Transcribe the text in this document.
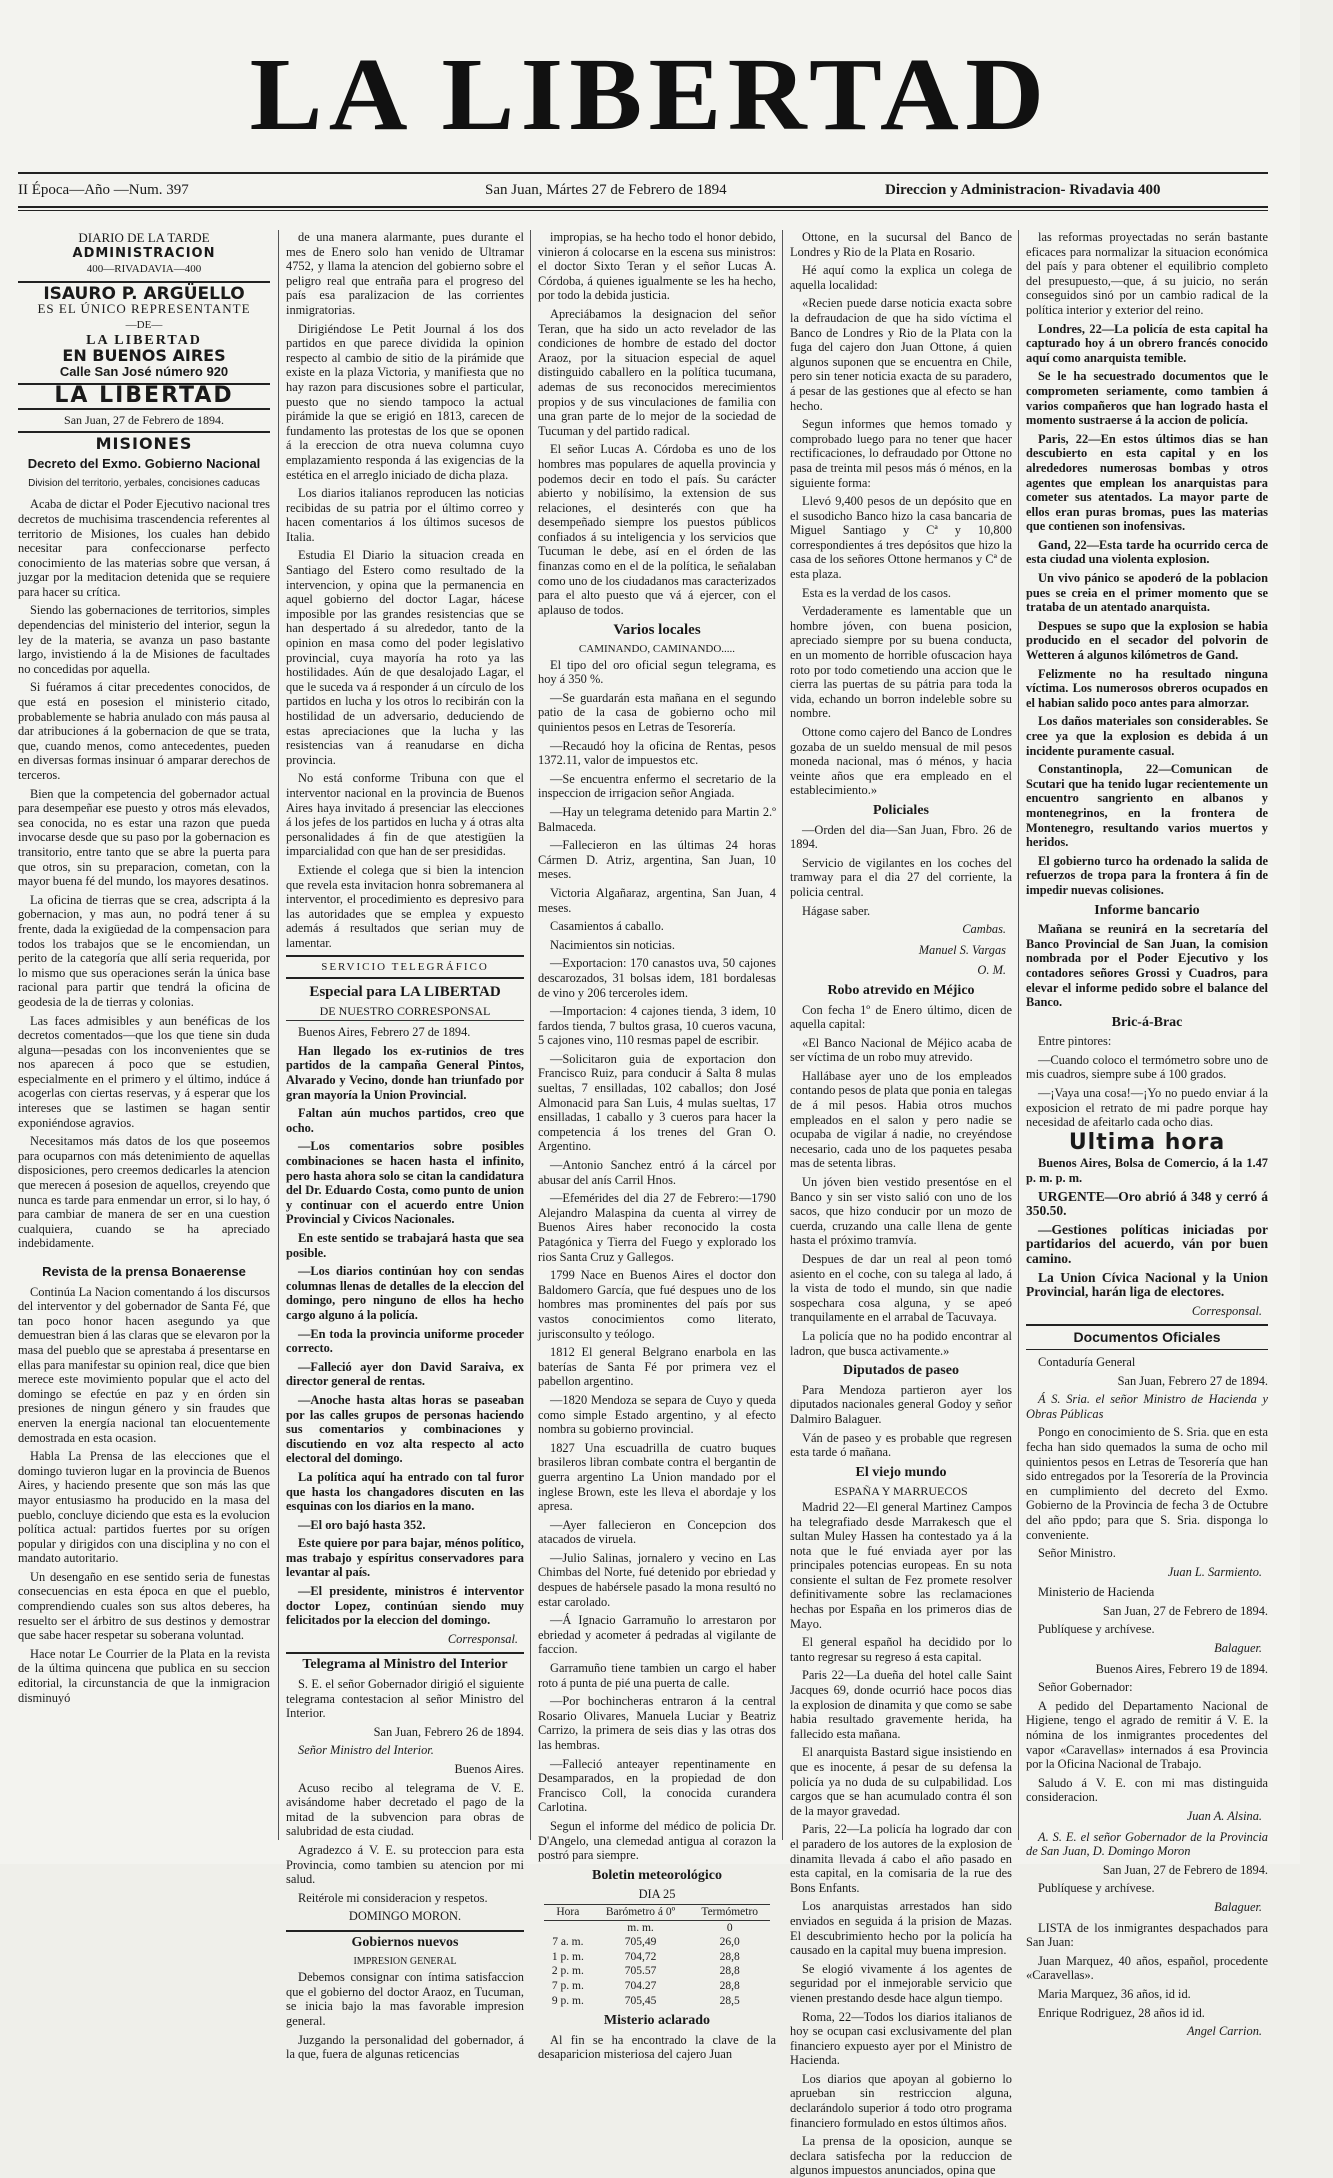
LA LIBERTAD
II Época—Año —Num. 397	San Juan, Mártes 27 de Febrero de 1894	Direccion y Administracion- Rivadavia 400
DIARIO DE LA TARDE
ADMINISTRACION
400—RIVADAVIA—400
ISAURO P. ARGÜELLO
ES EL ÚNICO REPRESENTANTE
—DE—
LA LIBERTAD
EN BUENOS AIRES
Calle San José número 920
LA LIBERTAD
San Juan, 27 de Febrero de 1894.
MISIONES
Decreto del Exmo. Gobierno Nacional
Division del territorio, yerbales, concisiones caducas

Acaba de dictar el Poder Ejecutivo nacional tres decretos de muchisima trascendencia referentes al territorio de Misiones, los cuales han debido necesitar para confeccionarse perfecto conocimiento de las materias sobre que versan, á juzgar por la meditacion detenida que se requiere para hacer su crítica.

Siendo las gobernaciones de territorios, simples dependencias del ministerio del interior, segun la ley de la materia, se avanza un paso bastante largo, invistiendo á la de Misiones de facultades no concedidas por aquella.

Si fuéramos á citar precedentes conocidos, de que está en posesion el ministerio citado, probablemente se habria anulado con más pausa al dar atribuciones á la gobernacion de que se trata, que, cuando menos, como antecedentes, pueden en diversas formas insinuar ó amparar derechos de terceros.

Bien que la competencia del gobernador actual para desempeñar ese puesto y otros más elevados, sea conocida, no es estar una razon que pueda invocarse desde que su paso por la gobernacion es transitorio, entre tanto que se abre la puerta para que otros, sin su preparacion, cometan, con la mayor buena fé del mundo, los mayores desatinos.

La oficina de tierras que se crea, adscripta á la gobernacion, y mas aun, no podrá tener á su frente, dada la exigüedad de la compensacion para todos los trabajos que se le encomiendan, un perito de la categoría que allí seria requerida, por lo mismo que sus operaciones serán la única base racional para partir que tendrá la oficina de geodesia de la de tierras y colonias.

Las faces admisibles y aun benéficas de los decretos comentados—que los que tiene sin duda alguna—pesadas con los inconvenientes que se nos aparecen á poco que se estudien, especialmente en el primero y el último, indúce á acogerlas con ciertas reservas, y á esperar que los intereses que se lastimen se hagan sentir exponiéndose agravios.

Necesitamos más datos de los que poseemos para ocuparnos con más detenimiento de aquellas disposiciones, pero creemos dedicarles la atencion que merecen á posesion de aquellos, creyendo que nunca es tarde para enmendar un error, si lo hay, ó para cambiar de manera de ser en una cuestion cualquiera, cuando se ha apreciado indebidamente.

Revista de la prensa Bonaerense

Continúa La Nacion comentando á los discursos del interventor y del gobernador de Santa Fé, que tan poco honor hacen asegundo ya que demuestran bien á las claras que se elevaron por la masa del pueblo que se aprestaba á presentarse en ellas para manifestar su opinion real, dice que bien merece este movimiento popular que el acto del domingo se efectúe en paz y en órden sin presiones de ningun género y sin fraudes que enerven la energía nacional tan elocuentemente demostrada en esta ocasion.

Habla La Prensa de las elecciones que el domingo tuvieron lugar en la provincia de Buenos Aires, y haciendo presente que son más las que mayor entusiasmo ha producido en la masa del pueblo, concluye diciendo que esta es la evolucion política actual: partidos fuertes por su orígen popular y dirigidos con una disciplina y no con el mandato autoritario.

Un desengaño en ese sentido seria de funestas consecuencias en esta época en que el pueblo, comprendiendo cuales son sus altos deberes, ha resuelto ser el árbitro de sus destinos y demostrar que sabe hacer respetar su soberana voluntad.

Hace notar Le Courrier de la Plata en la revista de la última quincena que publica en su seccion editorial, la circunstancia de que la inmigracion disminuyó

de una manera alarmante, pues durante el mes de Enero solo han venido de Ultramar 4752, y llama la atencion del gobierno sobre el peligro real que entraña para el progreso del país esa paralizacion de las corrientes inmigratorias.

Dirigiéndose Le Petit Journal á los dos partidos en que parece dividida la opinion respecto al cambio de sitio de la pirámide que existe en la plaza Victoria, y manifiesta que no hay razon para discusiones sobre el particular, puesto que no siendo tampoco la actual pirámide la que se erigió en 1813, carecen de fundamento las protestas de los que se oponen á la ereccion de otra nueva columna cuyo emplazamiento responda á las exigencias de la estética en el arreglo iniciado de dicha plaza.

Los diarios italianos reproducen las noticias recibidas de su patria por el último correo y hacen comentarios á los últimos sucesos de Italia.

Estudia El Diario la situacion creada en Santiago del Estero como resultado de la intervencion, y opina que la permanencia en aquel gobierno del doctor Lagar, hácese imposible por las grandes resistencias que se han despertado á su alrededor, tanto de la opinion en masa como del poder legislativo provincial, cuya mayoría ha roto ya las hostilidades. Aún de que desalojado Lagar, el que le suceda va á responder á un círculo de los partidos en lucha y los otros lo recibirán con la hostilidad de un adversario, deduciendo de estas apreciaciones que la lucha y las resistencias van á reanudarse en dicha provincia.

No está conforme Tribuna con que el interventor nacional en la provincia de Buenos Aires haya invitado á presenciar las elecciones á los jefes de los partidos en lucha y á otras alta personalidades á fin de que atestigüen la imparcialidad con que han de ser presididas.

Extiende el colega que si bien la intencion que revela esta invitacion honra sobremanera al interventor, el procedimiento es depresivo para las autoridades que se emplea y expuesto además á resultados que serian muy de lamentar.

SERVICIO TELEGRÁFICO
Especial para LA LIBERTAD
DE NUESTRO CORRESPONSAL

Buenos Aires, Febrero 27 de 1894.

Han llegado los ex-rutinios de tres partidos de la campaña General Pintos, Alvarado y Vecino, donde han triunfado por gran mayoría la Union Provincial.

Faltan aún muchos partidos, creo que ocho.

—Los comentarios sobre posibles combinaciones se hacen hasta el infinito, pero hasta ahora solo se citan la candidatura del Dr. Eduardo Costa, como punto de union y continuar con el acuerdo entre Union Provincial y Civicos Nacionales.

En este sentido se trabajará hasta que sea posible.

—Los diarios continúan hoy con sendas columnas llenas de detalles de la eleccion del domingo, pero ninguno de ellos ha hecho cargo alguno á la policía.

—En toda la provincia uniforme proceder correcto.

—Falleció ayer don David Saraiva, ex director general de rentas.

—Anoche hasta altas horas se paseaban por las calles grupos de personas haciendo sus comentarios y combinaciones y discutiendo en voz alta respecto al acto electoral del domingo.

La política aquí ha entrado con tal furor que hasta los changadores discuten en las esquinas con los diarios en la mano.

—El oro bajó hasta 352.

Este quiere por para bajar, ménos político, mas trabajo y espíritus conservadores para levantar al país.

—El presidente, ministros é interventor doctor Lopez, continúan siendo muy felicitados por la eleccion del domingo.

Corresponsal.
Telegrama al Ministro del Interior

S. E. el señor Gobernador dirigió el siguiente telegrama contestacion al señor Ministro del Interior.

San Juan, Febrero 26 de 1894.

Señor Ministro del Interior.

Buenos Aires.

Acuso recibo al telegrama de V. E. avisándome haber decretado el pago de la mitad de la subvencion para obras de salubridad de esta ciudad.

Agradezco á V. E. su proteccion para esta Provincia, como tambien su atencion por mi salud.

Reitérole mi consideracion y respetos.

DOMINGO MORON.
Gobiernos nuevos
IMPRESION GENERAL

Debemos consignar con íntima satisfaccion que el gobierno del doctor Araoz, en Tucuman, se inicia bajo la mas favorable impresion general.

Juzgando la personalidad del gobernador, á la que, fuera de algunas reticencias

impropias, se ha hecho todo el honor debido, vinieron á colocarse en la escena sus ministros: el doctor Sixto Teran y el señor Lucas A. Córdoba, á quienes igualmente se les ha hecho, por todo la debida justicia.

Apreciábamos la designacion del señor Teran, que ha sido un acto revelador de las condiciones de hombre de estado del doctor Araoz, por la situacion especial de aquel distinguido caballero en la política tucumana, ademas de sus reconocidos merecimientos propios y de sus vinculaciones de familia con una gran parte de lo mejor de la sociedad de Tucuman y del partido radical.

El señor Lucas A. Córdoba es uno de los hombres mas populares de aquella provincia y podemos decir en todo el país. Su carácter abierto y nobilísimo, la extension de sus relaciones, el desinterés con que ha desempeñado siempre los puestos públicos confiados á su inteligencia y los servicios que Tucuman le debe, así en el órden de las finanzas como en el de la política, le señalaban como uno de los ciudadanos mas caracterizados para el alto puesto que vá á ejercer, con el aplauso de todos.

Varios locales
CAMINANDO, CAMINANDO.....

El tipo del oro oficial segun telegrama, es hoy á 350 %.

—Se guardarán esta mañana en el segundo patio de la casa de gobierno ocho mil quinientos pesos en Letras de Tesorería.

—Recaudó hoy la oficina de Rentas, pesos 1372.11, valor de impuestos etc.

—Se encuentra enfermo el secretario de la inspeccion de irrigacion señor Angiada.

—Hay un telegrama detenido para Martin 2.º Balmaceda.

—Fallecieron en las últimas 24 horas Cármen D. Atriz, argentina, San Juan, 10 meses.

Victoria Algañaraz, argentina, San Juan, 4 meses.

Casamientos á caballo.

Nacimientos sin noticias.

—Exportacion: 170 canastos uva, 50 cajones descarozados, 31 bolsas idem, 181 bordalesas de vino y 206 terceroles idem.

—Importacion: 4 cajones tienda, 3 idem, 10 fardos tienda, 7 bultos grasa, 10 cueros vacuna, 5 cajones vino, 110 resmas papel de escribir.

—Solicitaron guia de exportacion don Francisco Ruiz, para conducir á Salta 8 mulas sueltas, 7 ensilladas, 102 caballos; don José Almonacid para San Luis, 4 mulas sueltas, 17 ensilladas, 1 caballo y 3 cueros para hacer la competencia á los trenes del Gran O. Argentino.

—Antonio Sanchez entró á la cárcel por abusar del anís Carril Hnos.

—Efemérides del dia 27 de Febrero:—1790 Alejandro Malaspina da cuenta al virrey de Buenos Aires haber reconocido la costa Patagónica y Tierra del Fuego y explorado los rios Santa Cruz y Gallegos.

1799 Nace en Buenos Aires el doctor don Baldomero García, que fué despues uno de los hombres mas prominentes del país por sus vastos conocimientos como literato, jurisconsulto y teólogo.

1812 El general Belgrano enarbola en las baterías de Santa Fé por primera vez el pabellon argentino.

—1820 Mendoza se separa de Cuyo y queda como simple Estado argentino, y al efecto nombra su gobierno provincial.

1827 Una escuadrilla de cuatro buques brasileros libran combate contra el bergantin de guerra argentino La Union mandado por el inglese Brown, este les lleva el abordaje y los apresa.

—Ayer fallecieron en Concepcion dos atacados de viruela.

—Julio Salinas, jornalero y vecino en Las Chimbas del Norte, fué detenido por ebriedad y despues de habérsele pasado la mona resultó no estar carolado.

—Á Ignacio Garramuño lo arrestaron por ebriedad y acometer á pedradas al vigilante de faccion.

Garramuño tiene tambien un cargo el haber roto á punta de pié una puerta de calle.

—Por bochincheras entraron á la central Rosario Olivares, Manuela Luciar y Beatriz Carrizo, la primera de seis dias y las otras dos las hembras.

—Falleció anteayer repentinamente en Desamparados, en la propiedad de don Francisco Coll, la conocida curandera Carlotina.

Segun el informe del médico de policia Dr. D'Angelo, una clemedad antigua al corazon la postró para siempre.

Boletin meteorológico
DIA 25
Hora	Barómetro á 0º	Termómetro
	m. m.	0
7 a. m.	705,49	26,0
1 p. m.	704,72	28,8
2 p. m.	705.57	28,8
7 p. m.	704.27	28,8
9 p. m.	705,45	28,5
Misterio aclarado

Al fin se ha encontrado la clave de la desaparicion misteriosa del cajero Juan

Ottone, en la sucursal del Banco de Londres y Rio de la Plata en Rosario.

Hé aquí como la explica un colega de aquella localidad:

«Recien puede darse noticia exacta sobre la defraudacion de que ha sido víctima el Banco de Londres y Rio de la Plata con la fuga del cajero don Juan Ottone, á quien algunos suponen que se encuentra en Chile, pero sin tener noticia exacta de su paradero, á pesar de las gestiones que al efecto se han hecho.

Segun informes que hemos tomado y comprobado luego para no tener que hacer rectificaciones, lo defraudado por Ottone no pasa de treinta mil pesos más ó ménos, en la siguiente forma:

Llevó 9,400 pesos de un depósito que en el susodicho Banco hizo la casa bancaria de Miguel Santiago y Cª y 10,800 correspondientes á tres depósitos que hizo la casa de los señores Ottone hermanos y Cª de esta plaza.

Esta es la verdad de los casos.

Verdaderamente es lamentable que un hombre jóven, con buena posicion, apreciado siempre por su buena conducta, en un momento de horrible ofuscacion haya roto por todo cometiendo una accion que le cierra las puertas de su pátria para toda la vida, echando un borron indeleble sobre su nombre.

Ottone como cajero del Banco de Londres gozaba de un sueldo mensual de mil pesos moneda nacional, mas ó ménos, y hacia veinte años que era empleado en el establecimiento.»

Policiales

—Orden del dia—San Juan, Fbro. 26 de 1894.

Servicio de vigilantes en los coches del tramway para el dia 27 del corriente, la policia central.

Hágase saber.

Cambas.
Manuel S. Vargas
O. M.
Robo atrevido en Méjico

Con fecha 1º de Enero último, dicen de aquella capital:

«El Banco Nacional de Méjico acaba de ser víctima de un robo muy atrevido.

Hallábase ayer uno de los empleados contando pesos de plata que ponia en talegas de á mil pesos. Habia otros muchos empleados en el salon y pero nadie se ocupaba de vigilar á nadie, no creyéndose necesario, cada uno de los paquetes pesaba mas de setenta libras.

Un jóven bien vestido presentóse en el Banco y sin ser visto salió con uno de los sacos, que hizo conducir por un mozo de cuerda, cruzando una calle llena de gente hasta el próximo tramvía.

Despues de dar un real al peon tomó asiento en el coche, con su talega al lado, á la vista de todo el mundo, sin que nadie sospechara cosa alguna, y se apeó tranquilamente en el arrabal de Tacuvaya.

La policía que no ha podido encontrar al ladron, que busca activamente.»

Diputados de paseo

Para Mendoza partieron ayer los diputados nacionales general Godoy y señor Dalmiro Balaguer.

Ván de paseo y es probable que regresen esta tarde ó mañana.

El viejo mundo
ESPAÑA Y MARRUECOS

Madrid 22—El general Martinez Campos ha telegrafiado desde Marrakesch que el sultan Muley Hassen ha contestado ya á la nota que le fué enviada ayer por las principales potencias europeas. En su nota consiente el sultan de Fez promete resolver definitivamente sobre las reclamaciones hechas por España en los primeros dias de Mayo.

El general español ha decidido por lo tanto regresar su regreso á esta capital.

Paris 22—La dueña del hotel calle Saint Jacques 69, donde ocurrió hace pocos dias la explosion de dinamita y que como se sabe habia resultado gravemente herida, ha fallecido esta mañana.

El anarquista Bastard sigue insistiendo en que es inocente, á pesar de su defensa la policía ya no duda de su culpabilidad. Los cargos que se han acumulado contra él son de la mayor gravedad.

Paris, 22—La policía ha logrado dar con el paradero de los autores de la explosion de dinamita llevada á cabo el año pasado en esta capital, en la comisaria de la rue des Bons Enfants.

Los anarquistas arrestados han sido enviados en seguida á la prision de Mazas. El descubrimiento hecho por la policía ha causado en la capital muy buena impresion.

Se elogió vivamente á los agentes de seguridad por el inmejorable servicio que vienen prestando desde hace algun tiempo.

Roma, 22—Todos los diarios italianos de hoy se ocupan casi exclusivamente del plan financiero expuesto ayer por el Ministro de Hacienda.

Los diarios que apoyan al gobierno lo aprueban sin restriccion alguna, declarándolo superior á todo otro programa financiero formulado en estos últimos años.

La prensa de la oposicion, aunque se declara satisfecha por la reduccion de algunos impuestos anunciados, opina que

las reformas proyectadas no serán bastante eficaces para normalizar la situacion económica del país y para obtener el equilibrio completo del presupuesto,—que, á su juicio, no serán conseguidos sinó por un cambio radical de la política interior y exterior del reino.

Londres, 22—La policía de esta capital ha capturado hoy á un obrero francés conocido aquí como anarquista temible.

Se le ha secuestrado documentos que le comprometen seriamente, como tambien á varios compañeros que han logrado hasta el momento sustraerse á la accion de policía.

Paris, 22—En estos últimos dias se han descubierto en esta capital y en los alrededores numerosas bombas y otros agentes que emplean los anarquistas para cometer sus atentados. La mayor parte de ellos eran puras bromas, pues las materias que contienen son inofensivas.

Gand, 22—Esta tarde ha ocurrido cerca de esta ciudad una violenta explosion.

Un vivo pánico se apoderó de la poblacion pues se creia en el primer momento que se trataba de un atentado anarquista.

Despues se supo que la explosion se habia producido en el secador del polvorin de Wetteren á algunos kilómetros de Gand.

Felizmente no ha resultado ninguna víctima. Los numerosos obreros ocupados en el habian salido poco antes para almorzar.

Los daños materiales son considerables. Se cree ya que la explosion es debida á un incidente puramente casual.

Constantinopla, 22—Comunican de Scutari que ha tenido lugar recientemente un encuentro sangriento en albanos y montenegrinos, en la frontera de Montenegro, resultando varios muertos y heridos.

El gobierno turco ha ordenado la salida de refuerzos de tropa para la frontera á fin de impedir nuevas colisiones.

Informe bancario

Mañana se reunirá en la secretaría del Banco Provincial de San Juan, la comision nombrada por el Poder Ejecutivo y los contadores señores Grossi y Cuadros, para elevar el informe pedido sobre el balance del Banco.

Bric-á-Brac

Entre pintores:

—Cuando coloco el termómetro sobre uno de mis cuadros, siempre sube á 100 grados.

—¡Vaya una cosa!—¡Yo no puedo enviar á la exposicion el retrato de mi padre porque hay necesidad de afeitarlo cada ocho dias.

Ultima hora

Buenos Aires, Bolsa de Comercio, á la 1.47 p. m. p. m.

URGENTE—Oro abrió á 348 y cerró á 350.50.

—Gestiones políticas iniciadas por partidarios del acuerdo, ván por buen camino.

La Union Cívica Nacional y la Union Provincial, harán liga de electores.

Corresponsal.
Documentos Oficiales

Contaduría General

San Juan, Febrero 27 de 1894.

Á S. Sria. el señor Ministro de Hacienda y Obras Públicas

Pongo en conocimiento de S. Sria. que en esta fecha han sido quemados la suma de ocho mil quinientos pesos en Letras de Tesorería que han sido entregados por la Tesorería de la Provincia en cumplimiento del decreto del Exmo. Gobierno de la Provincia de fecha 3 de Octubre del año ppdo; para que S. Sria. disponga lo conveniente.

Señor Ministro.

Juan L. Sarmiento.

Ministerio de Hacienda

San Juan, 27 de Febrero de 1894.

Publíquese y archívese.

Balaguer.

Buenos Aires, Febrero 19 de 1894.

Señor Gobernador:

A pedido del Departamento Nacional de Higiene, tengo el agrado de remitir á V. E. la nómina de los inmigrantes procedentes del vapor «Caravellas» internados á esa Provincia por la Oficina Nacional de Trabajo.

Saludo á V. E. con mi mas distinguida consideracion.

Juan A. Alsina.

A. S. E. el señor Gobernador de la Provincia de San Juan, D. Domingo Moron

San Juan, 27 de Febrero de 1894.

Publíquese y archívese.

Balaguer.

LISTA de los inmigrantes despachados para San Juan:

Juan Marquez, 40 años, español, procedente «Caravellas».

Maria Marquez, 36 años, id id.

Enrique Rodriguez, 28 años id id.

Angel Carrion.
